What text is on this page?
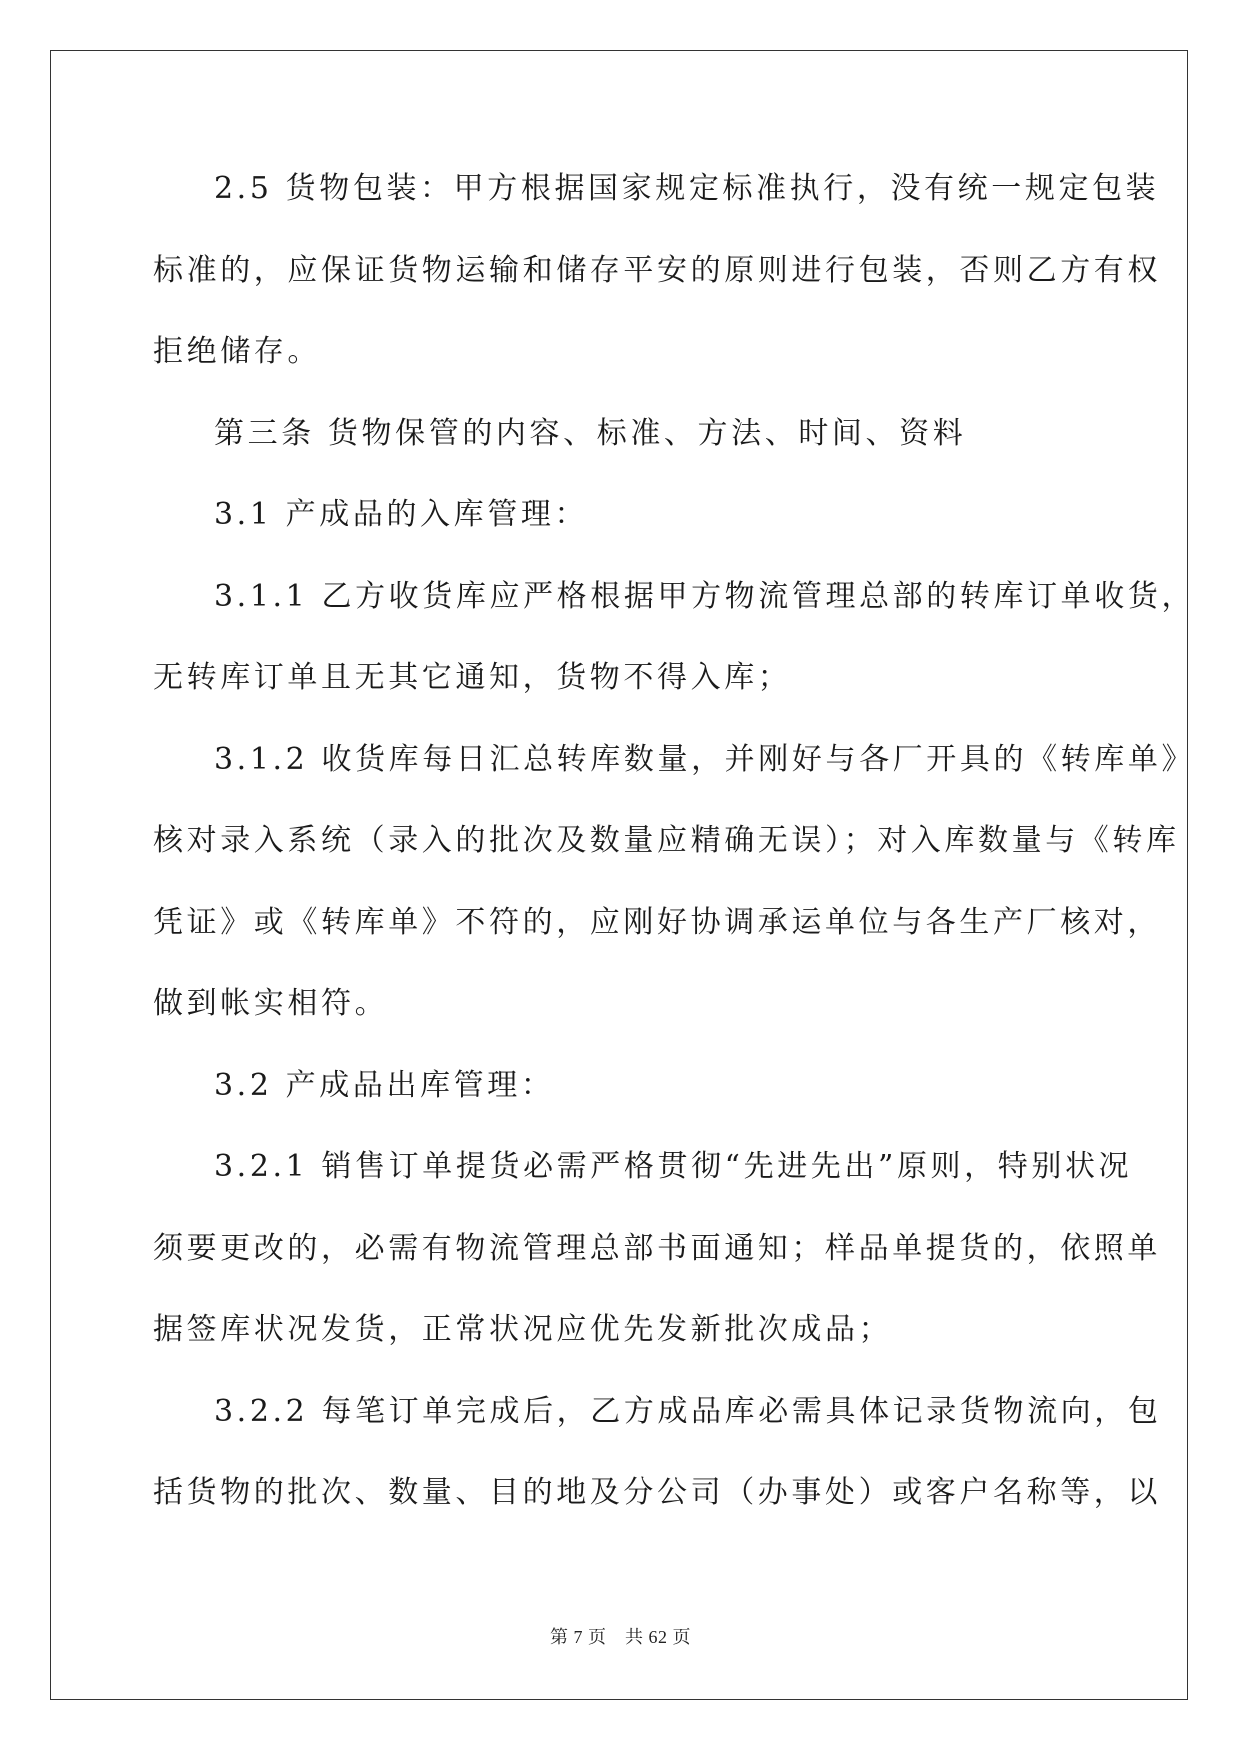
2.5 货物包装：甲方根据国家规定标准执行，没有统一规定包装
标准的，应保证货物运输和储存平安的原则进行包装，否则乙方有权
拒绝储存。
第三条 货物保管的内容、标准、方法、时间、资料
3.1 产成品的入库管理：
3.1.1 乙方收货库应严格根据甲方物流管理总部的转库订单收货，
无转库订单且无其它通知，货物不得入库；
3.1.2 收货库每日汇总转库数量，并刚好与各厂开具的《转库单》
核对录入系统（录入的批次及数量应精确无误）；对入库数量与《转库
凭证》或《转库单》不符的，应刚好协调承运单位与各生产厂核对，
做到帐实相符。
3.2 产成品出库管理：
3.2.1 销售订单提货必需严格贯彻“先进先出”原则，特别状况
须要更改的，必需有物流管理总部书面通知；样品单提货的，依照单
据签库状况发货，正常状况应优先发新批次成品；
3.2.2 每笔订单完成后，乙方成品库必需具体记录货物流向，包
括货物的批次、数量、目的地及分公司（办事处）或客户名称等，以
第 7 页　共 62 页
